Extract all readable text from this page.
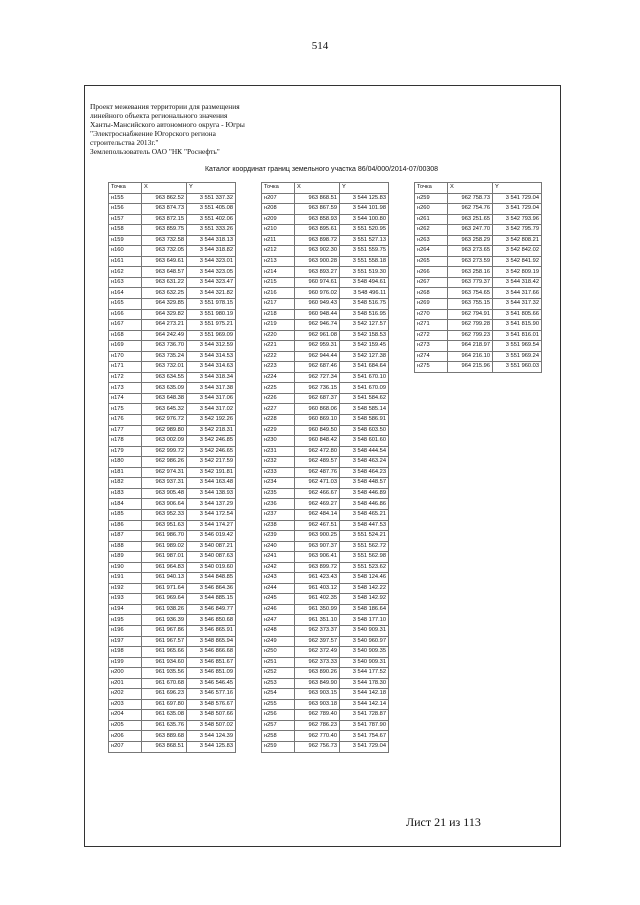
514
Проект межевания территории для размещения
линейного объекта регионального значения
Ханты-Мансийского автономного округа - Югры
"Электроснабжение Югорского региона
строительства 2013г."
Землепользователь ОАО "НК "Роснефть"
Каталог координат границ земельного участка 86/04/000/2014-07/00308
Точка	X	Y
н155	963 862.52	3 551 337.32
н156	963 874.73	3 551 405.08
н157	963 872.15	3 551 402.06
н158	963 859.75	3 551 333.26
н159	963 732.58	3 544 318.13
н160	963 732.05	3 544 318.82
н161	963 649.61	3 544 323.01
н162	963 648.57	3 544 323.05
н163	963 631.22	3 544 323.47
н164	963 632.25	3 544 321.82
н165	964 329.85	3 551 978.15
н166	964 329.82	3 551 980.19
н167	964 273.21	3 551 975.21
н168	964 242.49	3 551 969.09
н169	963 736.70	3 544 312.59
н170	963 735.24	3 544 314.53
н171	963 732.01	3 544 314.63
н172	963 634.55	3 544 318.34
н173	963 635.09	3 544 317.38
н174	963 648.38	3 544 317.06
н175	963 645.32	3 544 317.02
н176	962 976.72	3 542 192.26
н177	962 989.80	3 542 218.31
н178	963 002.09	3 542 246.85
н179	962 999.72	3 542 246.65
н180	962 986.26	3 542 217.59
н181	962 974.31	3 542 191.81
н182	963 937.31	3 544 163.48
н183	963 905.48	3 544 138.93
н184	963 906.64	3 544 137.29
н185	963 952.33	3 544 172.54
н186	963 951.63	3 544 174.27
н187	961 986.70	3 546 019.42
н188	961 989.02	3 540 087.21
н189	961 987.01	3 540 087.63
н190	961 964.83	3 540 019.60
н191	961 940.13	3 544 848.85
н192	961 971.64	3 546 864.36
н193	961 969.64	3 544 885.15
н194	961 938.26	3 546 849.77
н195	961 936.39	3 546 850.68
н196	961 967.86	3 546 865.91
н197	961 967.57	3 548 865.94
н198	961 965.66	3 546 866.68
н199	961 934.60	3 546 851.67
н200	961 935.56	3 546 851.09
н201	961 670.68	3 546 546.45
н202	961 696.23	3 546 577.16
н203	961 697.80	3 548 576.67
н204	961 635.08	3 548 507.66
н205	961 635.76	3 548 507.02
н206	963 889.68	3 544 124.39
н207	963 868.51	3 544 125.83
Точка	X	Y
н207	963 868.51	3 544 125.83
н208	963 867.59	3 544 101.98
н209	963 858.93	3 544 100.80
н210	963 895.61	3 551 520.95
н211	963 898.72	3 551 527.13
н212	963 902.30	3 551 559.75
н213	963 900.28	3 551 558.18
н214	963 893.27	3 551 519.30
н215	960 974.61	3 548 494.61
н216	960 976.02	3 548 496.11
н217	960 949.43	3 548 516.75
н218	960 948.44	3 548 516.95
н219	962 946.74	3 542 127.57
н220	962 961.08	3 542 158.53
н221	962 959.31	3 542 159.45
н222	962 944.44	3 542 127.38
н223	962 687.46	3 541 684.64
н224	962 727.34	3 541 670.10
н225	962 736.15	3 541 670.09
н226	962 687.37	3 541 584.62
н227	960 868.06	3 548 585.14
н228	960 869.10	3 548 586.91
н229	960 849.50	3 548 603.50
н230	960 848.42	3 548 601.60
н231	962 472.80	3 548 444.54
н232	962 489.57	3 548 463.24
н233	962 487.76	3 548 464.23
н234	962 471.03	3 548 448.57
н235	962 466.67	3 548 446.89
н236	962 469.27	3 548 446.86
н237	962 484.14	3 548 465.21
н238	962 467.51	3 548 447.53
н239	963 900.25	3 551 524.21
н240	963 907.37	3 551 562.72
н241	963 906.41	3 551 562.98
н242	963 899.72	3 551 523.62
н243	961 423.43	3 548 124.46
н244	961 403.12	3 548 142.22
н245	961 402.35	3 548 142.92
н246	961 350.99	3 548 186.64
н247	961 351.10	3 548 177.10
н248	962 373.37	3 540 909.31
н249	962 397.57	3 540 960.97
н250	962 372.49	3 540 909.35
н251	962 373.33	3 540 909.31
н252	963 890.26	3 544 177.52
н253	963 849.90	3 544 178.30
н254	963 903.15	3 544 142.18
н255	963 903.18	3 544 142.14
н256	962 789.40	3 541 728.87
н257	962 786.23	3 541 787.90
н258	962 770.40	3 541 754.67
н259	962 756.73	3 541 729.04
Точка	X	Y
н259	962 758.73	3 541 729.04
н260	962 754.76	3 541 729.04
н261	963 251.65	3 542 793.96
н262	963 247.70	3 542 795.79
н263	963 258.29	3 542 808.21
н264	963 273.65	3 542 842.02
н265	963 273.59	3 542 841.92
н266	963 258.16	3 542 809.19
н267	963 779.37	3 544 318.42
н268	963 754.65	3 544 317.66
н269	963 755.15	3 544 317.32
н270	962 794.91	3 541 805.66
н271	962 799.28	3 541 815.90
н272	962 799.23	3 541 816.01
н273	964 218.97	3 551 969.54
н274	964 216.10	3 551 969.24
н275	964 215.96	3 551 960.03
Лист 21 из 113
